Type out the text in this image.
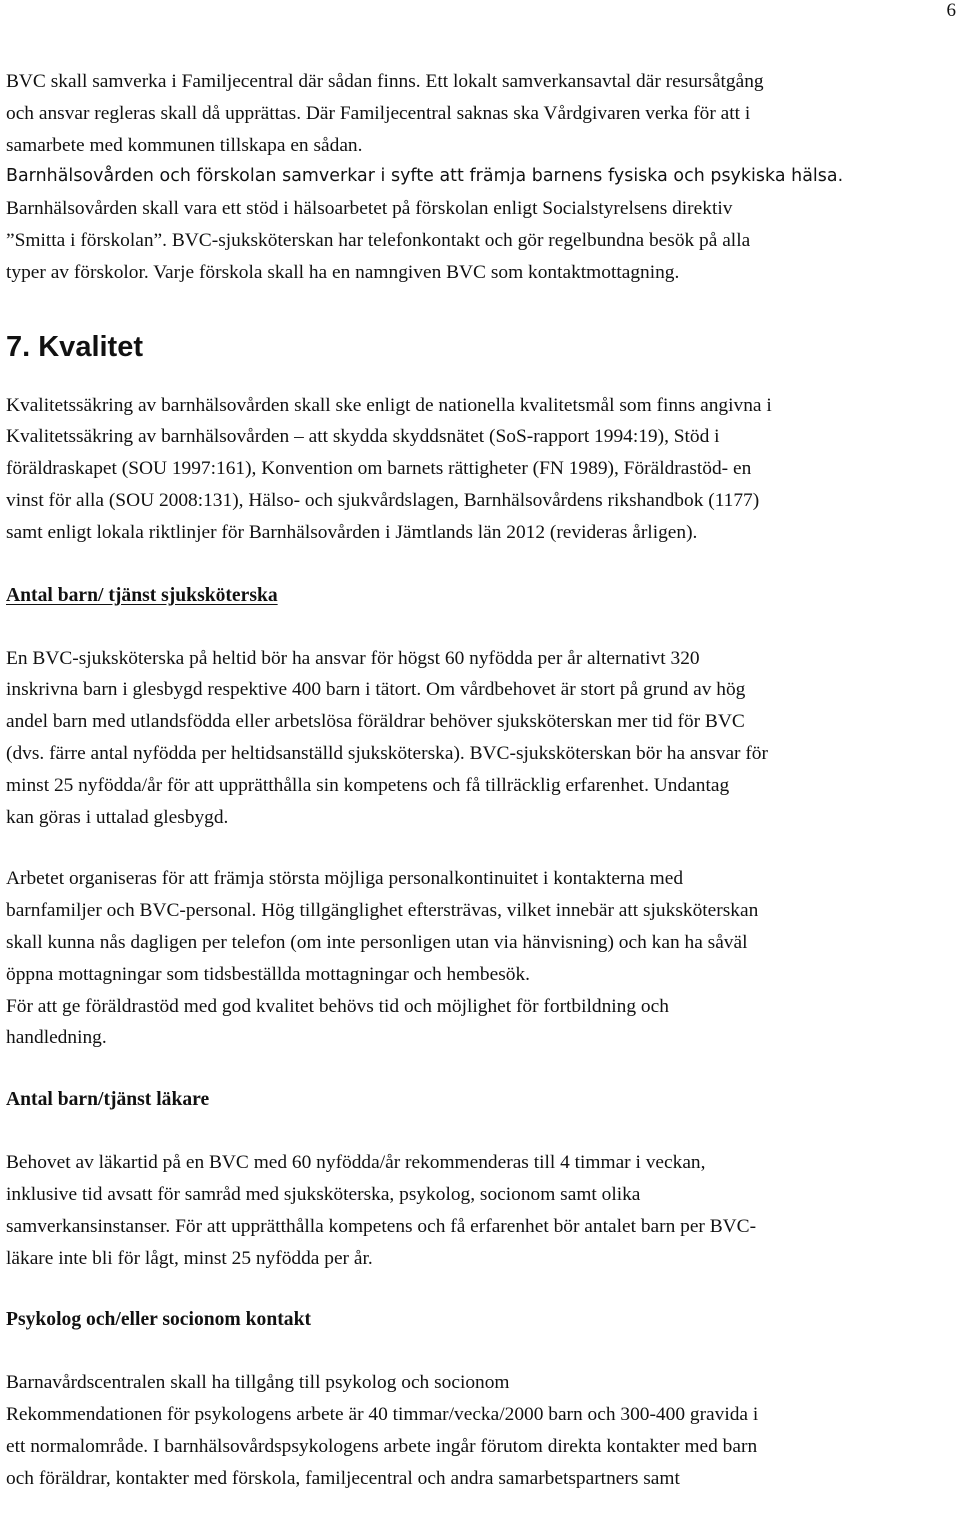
6
BVC skall samverka i Familjecentral där sådan finns. Ett lokalt samverkansavtal där resursåtgång
och ansvar regleras skall då upprättas. Där Familjecentral saknas ska Vårdgivaren verka för att i
samarbete med kommunen tillskapa en sådan.
Barnhälsovården och förskolan samverkar i syfte att främja barnens fysiska och psykiska hälsa.
Barnhälsovården skall vara ett stöd i hälsoarbetet på förskolan enligt Socialstyrelsens direktiv
”Smitta i förskolan”. BVC-sjuksköterskan har telefonkontakt och gör regelbundna besök på alla
typer av förskolor. Varje förskola skall ha en namngiven BVC som kontaktmottagning.
7. Kvalitet
Kvalitetssäkring av barnhälsovården skall ske enligt de nationella kvalitetsmål som finns angivna i
Kvalitetssäkring av barnhälsovården – att skydda skyddsnätet (SoS-rapport 1994:19), Stöd i
föräldraskapet (SOU 1997:161), Konvention om barnets rättigheter (FN 1989), Föräldrastöd- en
vinst för alla (SOU 2008:131), Hälso- och sjukvårdslagen, Barnhälsovårdens rikshandbok (1177)
samt enligt lokala riktlinjer för Barnhälsovården i Jämtlands län 2012 (revideras årligen).
Antal barn/ tjänst sjuksköterska
En BVC-sjuksköterska på heltid bör ha ansvar för högst 60 nyfödda per år alternativt 320
inskrivna barn i glesbygd respektive 400 barn i tätort. Om vårdbehovet är stort på grund av hög
andel barn med utlandsfödda eller arbetslösa föräldrar behöver sjuksköterskan mer tid för BVC
(dvs. färre antal nyfödda per heltidsanställd sjuksköterska). BVC-sjuksköterskan bör ha ansvar för
minst 25 nyfödda/år för att upprätthålla sin kompetens och få tillräcklig erfarenhet. Undantag
kan göras i uttalad glesbygd.
Arbetet organiseras för att främja största möjliga personalkontinuitet i kontakterna med
barnfamiljer och BVC-personal. Hög tillgänglighet eftersträvas, vilket innebär att sjuksköterskan
skall kunna nås dagligen per telefon (om inte personligen utan via hänvisning) och kan ha såväl
öppna mottagningar som tidsbeställda mottagningar och hembesök.
För att ge föräldrastöd med god kvalitet behövs tid och möjlighet för fortbildning och
handledning.
Antal barn/tjänst läkare
Behovet av läkartid på en BVC med 60 nyfödda/år rekommenderas till 4 timmar i veckan,
inklusive tid avsatt för samråd med sjuksköterska, psykolog, socionom samt olika
samverkansinstanser. För att upprätthålla kompetens och få erfarenhet bör antalet barn per BVC-
läkare inte bli för lågt, minst 25 nyfödda per år.
Psykolog och/eller socionom kontakt
Barnavårdscentralen skall ha tillgång till psykolog och socionom
Rekommendationen för psykologens arbete är 40 timmar/vecka/2000 barn och 300-400 gravida i
ett normalområde. I barnhälsovårdspsykologens arbete ingår förutom direkta kontakter med barn
och föräldrar, kontakter med förskola, familjecentral och andra samarbetspartners samt
